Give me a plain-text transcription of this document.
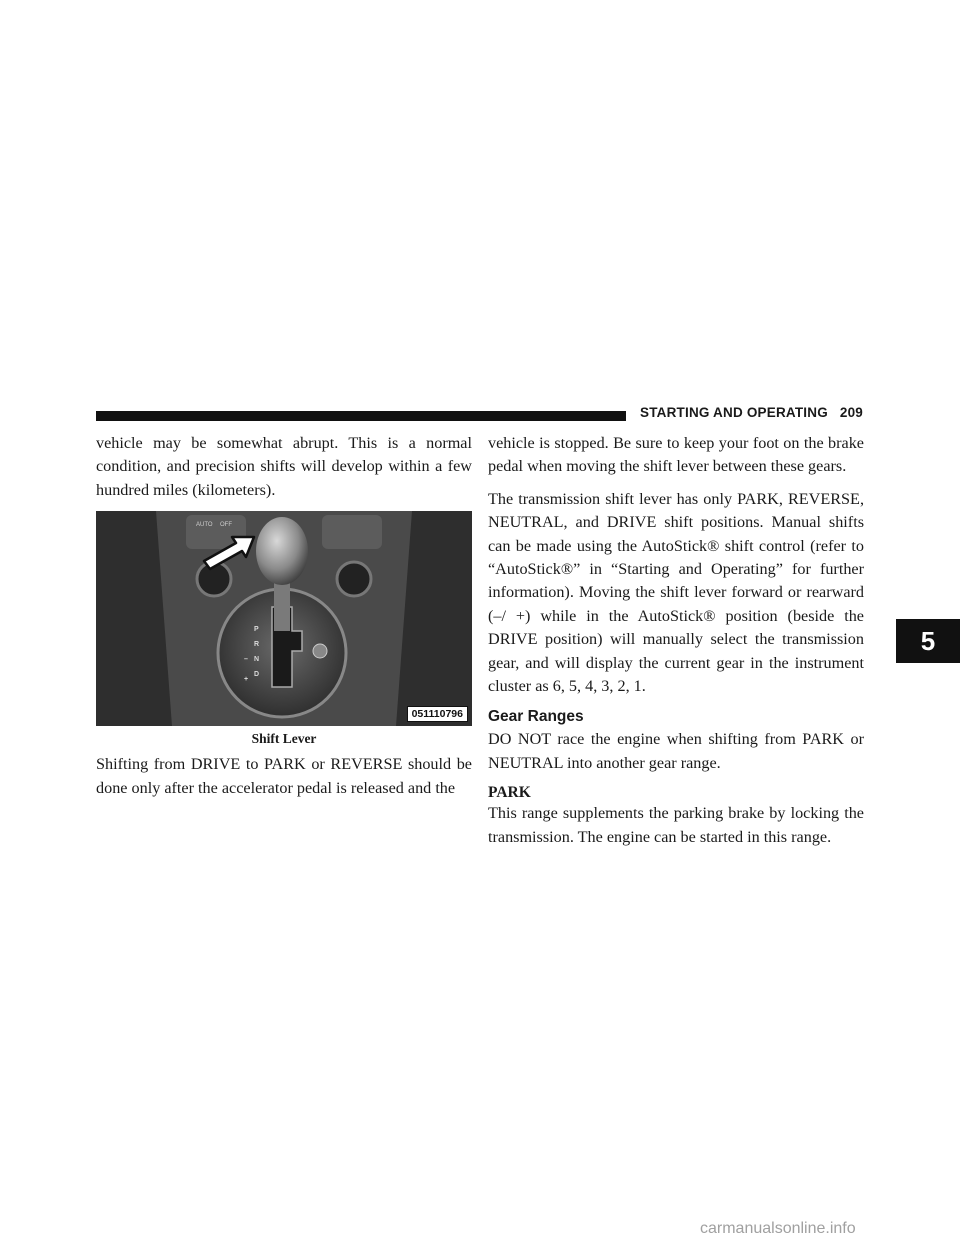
STARTING AND OPERATING 209

vehicle may be somewhat abrupt. This is a normal condition, and precision shifts will develop within a few hundred miles (kilometers).

AUTO OFF
P
R
N
D
–
+
051110796
Shift Lever

Shifting from DRIVE to PARK or REVERSE should be done only after the accelerator pedal is released and the

vehicle is stopped. Be sure to keep your foot on the brake pedal when moving the shift lever between these gears.

The transmission shift lever has only PARK, REVERSE, NEUTRAL, and DRIVE shift positions. Manual shifts can be made using the AutoStick® shift control (refer to “AutoStick®” in “Starting and Operating” for further information). Moving the shift lever forward or rearward (–/ +) while in the AutoStick® position (beside the DRIVE position) will manually select the transmission gear, and will display the current gear in the instrument cluster as 6, 5, 4, 3, 2, 1.

Gear Ranges

DO NOT race the engine when shifting from PARK or NEUTRAL into another gear range.

PARK

This range supplements the parking brake by locking the transmission. The engine can be started in this range.

5
carmanualsonline.info
